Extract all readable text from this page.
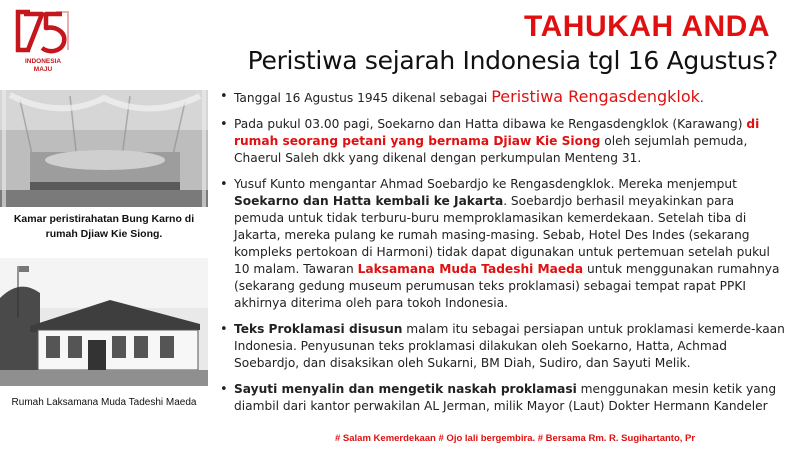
INDONESIA
MAJU
TAHUKAH ANDA
Peristiwa sejarah Indonesia tgl 16 Agustus?
Kamar peristirahatan Bung Karno di rumah Djiaw Kie Siong.
Rumah Laksamana Muda Tadeshi Maeda
• Tanggal 16 Agustus 1945 dikenal sebagai Peristiwa Rengasdengklok.
• Pada pukul 03.00 pagi, Soekarno dan Hatta dibawa ke Rengasdengklok (Karawang) di rumah seorang petani yang bernama Djiaw Kie Siong oleh sejumlah pemuda, Chaerul Saleh dkk yang dikenal dengan perkumpulan Menteng 31.
• Yusuf Kunto mengantar Ahmad Soebardjo ke Rengasdengklok. Mereka menjemput Soekarno dan Hatta kembali ke Jakarta. Soebardjo berhasil meyakinkan para pemuda untuk tidak terburu-buru memproklamasikan kemerdekaan. Setelah tiba di Jakarta, mereka pulang ke rumah masing-masing. Sebab, Hotel Des Indes (sekarang kompleks pertokoan di Harmoni) tidak dapat digunakan untuk pertemuan setelah pukul 10 malam. Tawaran Laksamana Muda Tadeshi Maeda untuk menggunakan rumahnya (sekarang gedung museum perumusan teks proklamasi) sebagai tempat rapat PPKI akhirnya diterima oleh para tokoh Indonesia.
• Teks Proklamasi disusun malam itu sebagai persiapan untuk proklamasi kemerde-kaan Indonesia. Penyusunan teks proklamasi dilakukan oleh Soekarno, Hatta, Achmad Soebardjo, dan disaksikan oleh Sukarni, BM Diah, Sudiro, dan Sayuti Melik.
• Sayuti menyalin dan mengetik naskah proklamasi menggunakan mesin ketik yang diambil dari kantor perwakilan AL Jerman, milik Mayor (Laut) Dokter Hermann Kandeler
# Salam Kemerdekaan # Ojo lali bergembira. # Bersama Rm. R. Sugihartanto, Pr
